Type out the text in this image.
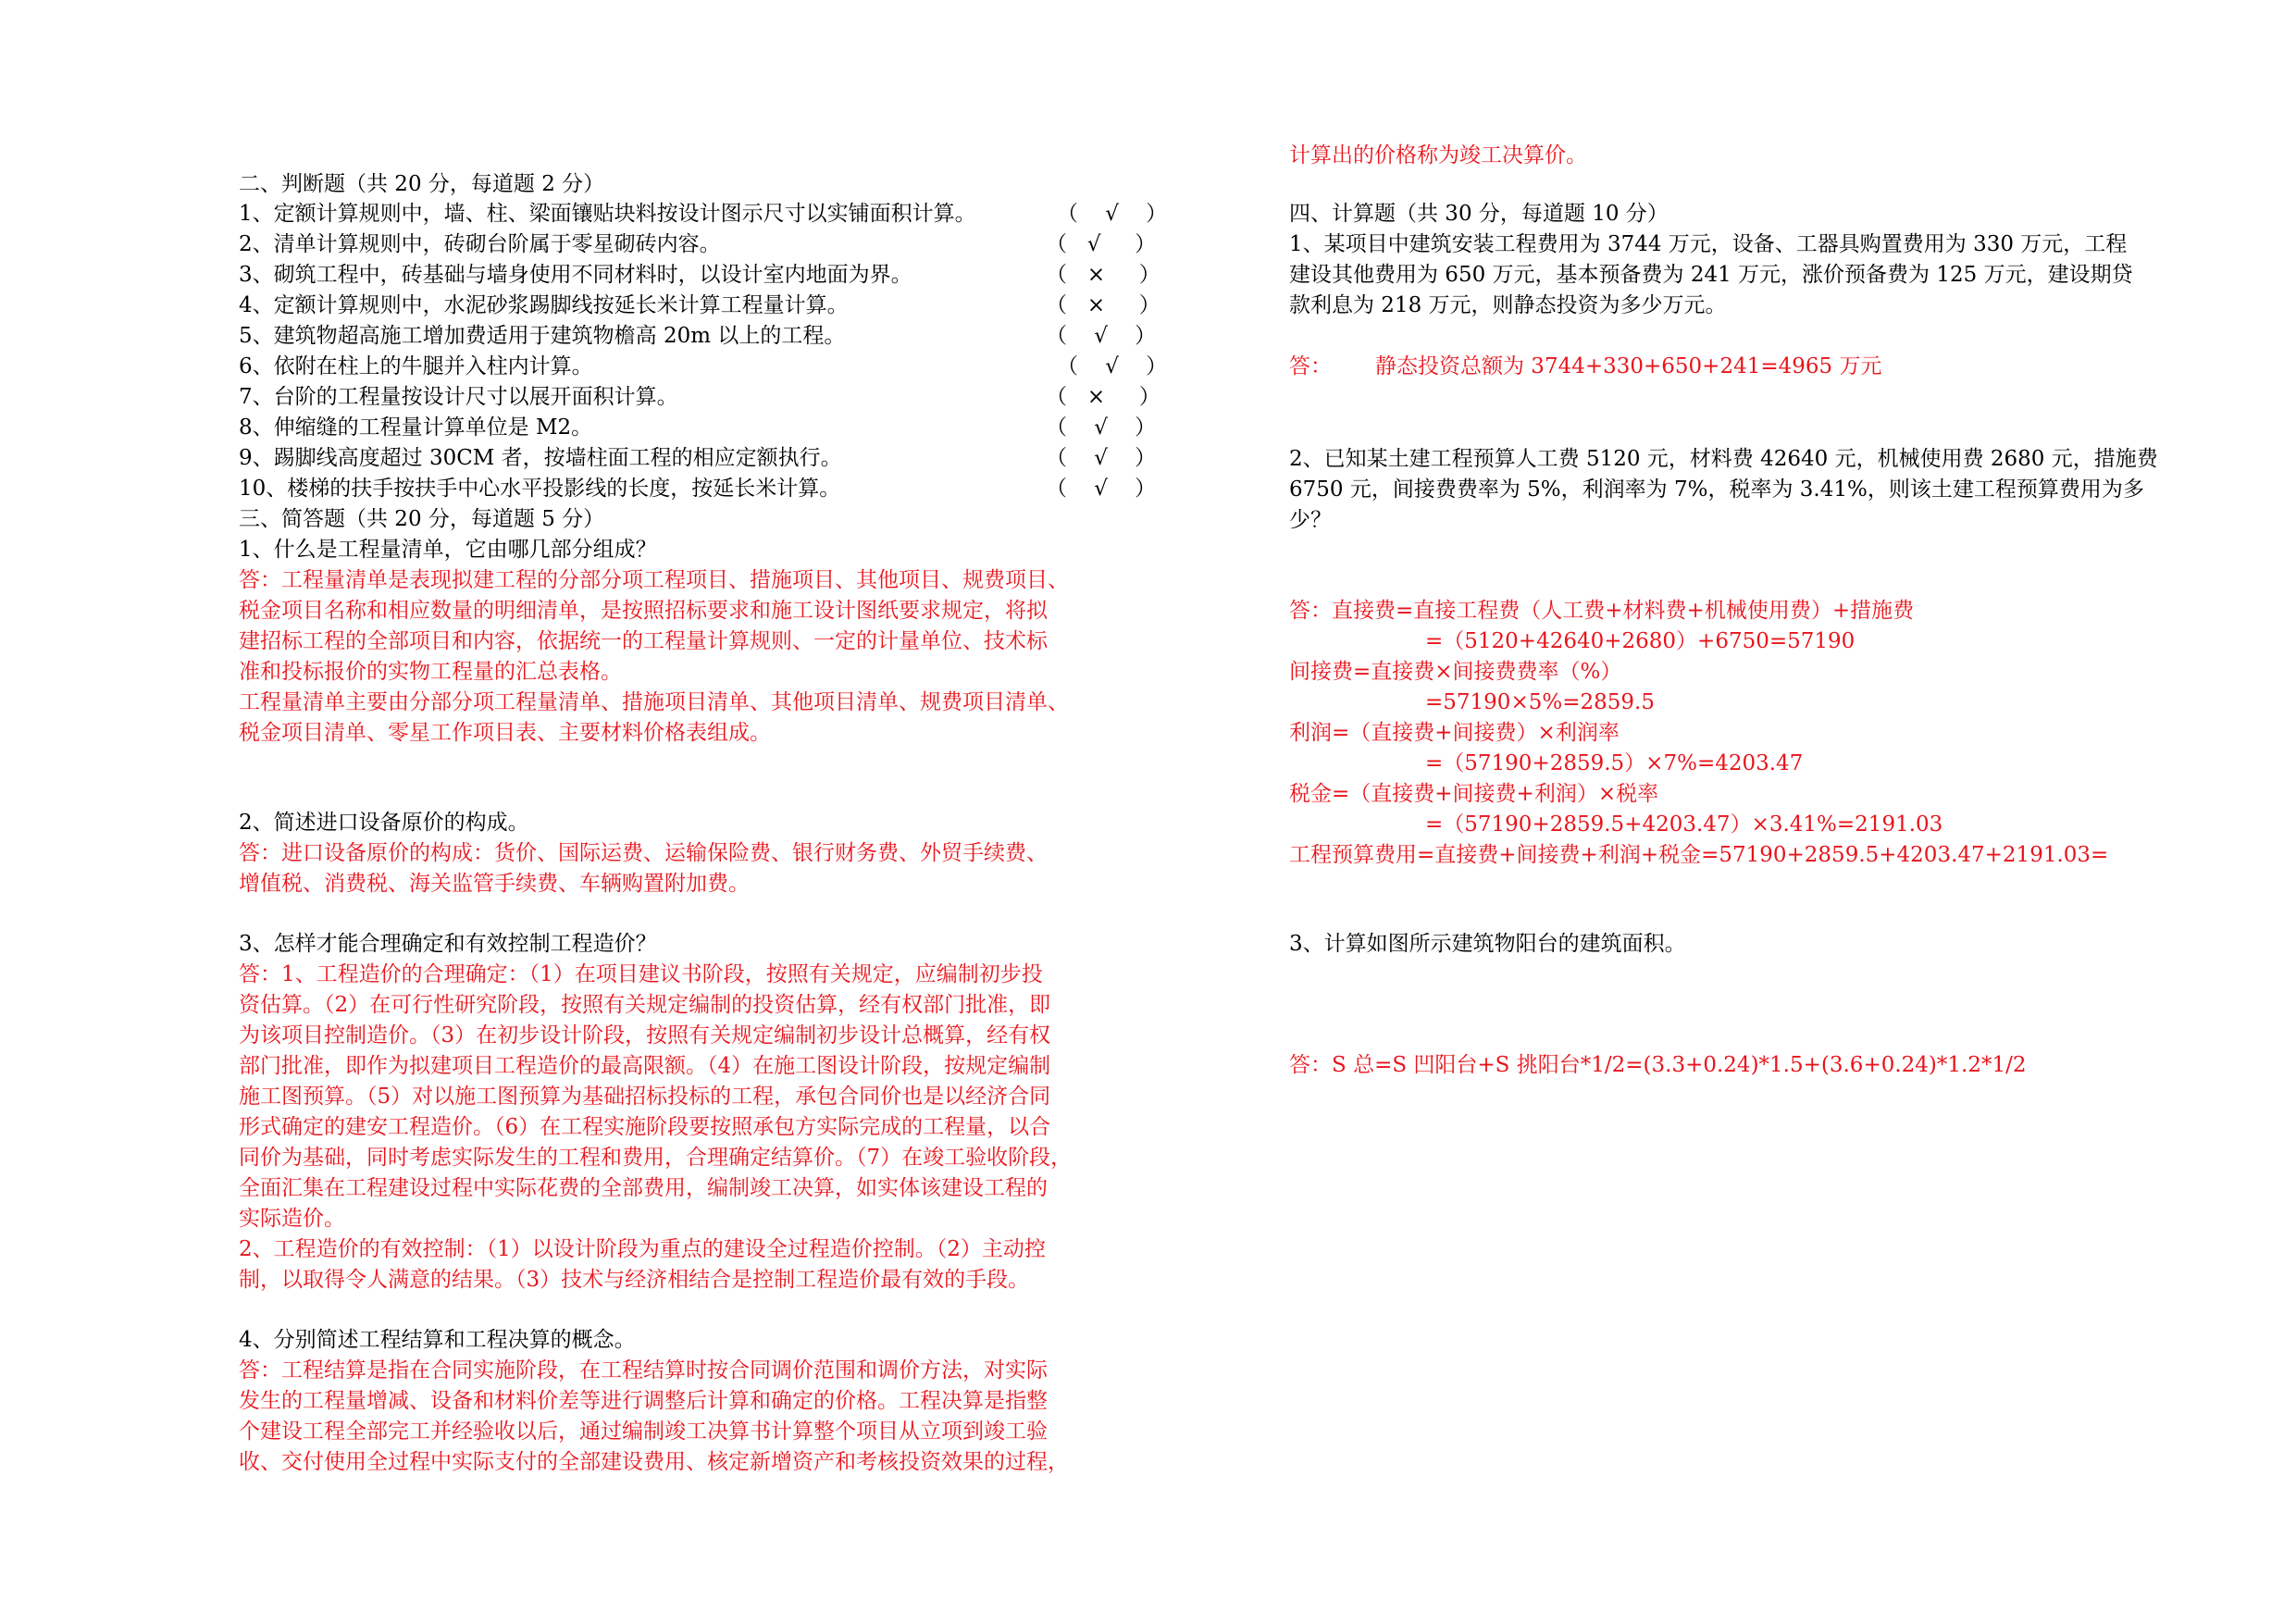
二、判断题（共 20 分，每道题 2 分）
1、定额计算规则中，墙、柱、梁面镶贴块料按设计图示尺寸以实铺面积计算。	（    √    ）
2、清单计算规则中，砖砌台阶属于零星砌砖内容。	（   √     ）
3、砌筑工程中，砖基础与墙身使用不同材料时，以设计室内地面为界。	（   ×     ）
4、定额计算规则中，水泥砂浆踢脚线按延长米计算工程量计算。	（   ×     ）
5、建筑物超高施工增加费适用于建筑物檐高 20m 以上的工程。	（    √    ）
6、依附在柱上的牛腿并入柱内计算。	（    √    ）
7、台阶的工程量按设计尺寸以展开面积计算。	（   ×     ）
8、伸缩缝的工程量计算单位是 M2。	（    √    ）
9、踢脚线高度超过 30CM 者，按墙柱面工程的相应定额执行。	（    √    ）
10、楼梯的扶手按扶手中心水平投影线的长度，按延长米计算。	（    √    ）
三、简答题（共 20 分，每道题 5 分）
1、什么是工程量清单，它由哪几部分组成？
答：工程量清单是表现拟建工程的分部分项工程项目、措施项目、其他项目、规费项目、
税金项目名称和相应数量的明细清单，是按照招标要求和施工设计图纸要求规定，将拟
建招标工程的全部项目和内容，依据统一的工程量计算规则、一定的计量单位、技术标
准和投标报价的实物工程量的汇总表格。
工程量清单主要由分部分项工程量清单、措施项目清单、其他项目清单、规费项目清单、
税金项目清单、零星工作项目表、主要材料价格表组成。
2、简述进口设备原价的构成。
答：进口设备原价的构成：货价、国际运费、运输保险费、银行财务费、外贸手续费、
增值税、消费税、海关监管手续费、车辆购置附加费。
3、怎样才能合理确定和有效控制工程造价？
答：1、工程造价的合理确定：（1）在项目建议书阶段，按照有关规定，应编制初步投
资估算。（2）在可行性研究阶段，按照有关规定编制的投资估算，经有权部门批准，即
为该项目控制造价。（3）在初步设计阶段，按照有关规定编制初步设计总概算，经有权
部门批准，即作为拟建项目工程造价的最高限额。（4）在施工图设计阶段，按规定编制
施工图预算。（5）对以施工图预算为基础招标投标的工程，承包合同价也是以经济合同
形式确定的建安工程造价。（6）在工程实施阶段要按照承包方实际完成的工程量，以合
同价为基础，同时考虑实际发生的工程和费用，合理确定结算价。（7）在竣工验收阶段，
全面汇集在工程建设过程中实际花费的全部费用，编制竣工决算，如实体该建设工程的
实际造价。
2、工程造价的有效控制：（1）以设计阶段为重点的建设全过程造价控制。（2）主动控
制，以取得令人满意的结果。（3）技术与经济相结合是控制工程造价最有效的手段。
4、分别简述工程结算和工程决算的概念。
答：工程结算是指在合同实施阶段，在工程结算时按合同调价范围和调价方法，对实际
发生的工程量增减、设备和材料价差等进行调整后计算和确定的价格。工程决算是指整
个建设工程全部完工并经验收以后，通过编制竣工决算书计算整个项目从立项到竣工验
收、交付使用全过程中实际支付的全部建设费用、核定新增资产和考核投资效果的过程，
计算出的价格称为竣工决算价。
四、计算题（共 30 分，每道题 10 分）
1、某项目中建筑安装工程费用为 3744 万元，设备、工器具购置费用为 330 万元，工程
建设其他费用为 650 万元，基本预备费为 241 万元，涨价预备费为 125 万元，建设期贷
款利息为 218 万元，则静态投资为多少万元。
答： 静态投资总额为 3744+330+650+241=4965 万元
2、已知某土建工程预算人工费 5120 元，材料费 42640 元，机械使用费 2680 元，措施费
6750 元，间接费费率为 5%，利润率为 7%，税率为 3.41%，则该土建工程预算费用为多
少？
答：直接费=直接工程费（人工费+材料费+机械使用费）+措施费
=（5120+42640+2680）+6750=57190
间接费=直接费×间接费费率（%）
=57190×5%=2859.5
利润=（直接费+间接费）×利润率
=（57190+2859.5）×7%=4203.47
税金=（直接费+间接费+利润）×税率
=（57190+2859.5+4203.47）×3.41%=2191.03
工程预算费用=直接费+间接费+利润+税金=57190+2859.5+4203.47+2191.03=
3、计算如图所示建筑物阳台的建筑面积。
答：S 总=S 凹阳台+S 挑阳台*1/2=(3.3+0.24)*1.5+(3.6+0.24)*1.2*1/2
